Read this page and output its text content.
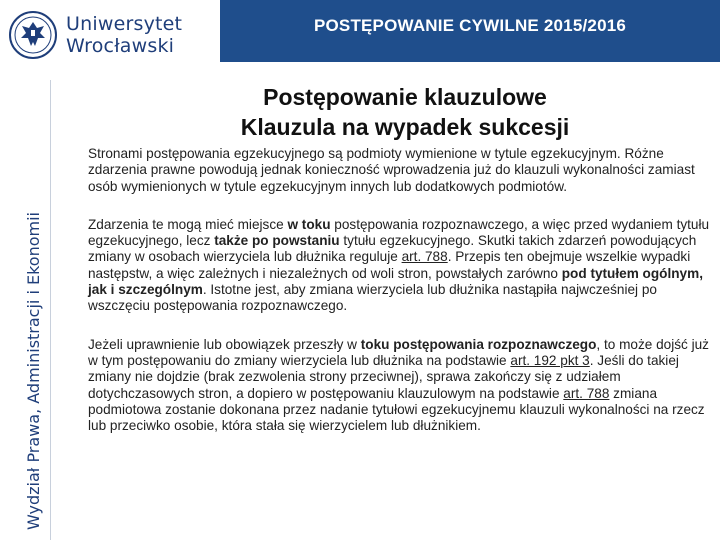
Uniwersytet
Wrocławski
POSTĘPOWANIE CYWILNE 2015/2016
Wydział Prawa, Administracji i Ekonomii
Postępowanie klauzulowe
Klauzula na wypadek sukcesji

Stronami postępowania egzekucyjnego są podmioty wymienione w tytule egzekucyjnym. Różne zdarzenia prawne powodują jednak konieczność wprowadzenia już do klauzuli wykonalności zamiast osób wymienionych w tytule egzekucyjnym innych lub dodatkowych podmiotów.

Zdarzenia te mogą mieć miejsce w toku postępowania rozpoznawczego, a więc przed wydaniem tytułu egzekucyjnego, lecz także po powstaniu tytułu egzekucyjnego. Skutki takich zdarzeń powodujących zmiany w osobach wierzyciela lub dłużnika reguluje art. 788. Przepis ten obejmuje wszelkie wypadki następstw, a więc zależnych i niezależnych od woli stron, powstałych zarówno pod tytułem ogólnym, jak i szczególnym. Istotne jest, aby zmiana wierzyciela lub dłużnika nastąpiła najwcześniej po wszczęciu postępowania rozpoznawczego.

Jeżeli uprawnienie lub obowiązek przeszły w toku postępowania rozpoznawczego, to może dojść już w tym postępowaniu do zmiany wierzyciela lub dłużnika na podstawie art. 192 pkt 3. Jeśli do takiej zmiany nie dojdzie (brak zezwolenia strony przeciwnej), sprawa zakończy się z udziałem dotychczasowych stron, a dopiero w postępowaniu klauzulowym na podstawie art. 788 zmiana podmiotowa zostanie dokonana przez nadanie tytułowi egzekucyjnemu klauzuli wykonalności na rzecz lub przeciwko osobie, która stała się wierzycielem lub dłużnikiem.
